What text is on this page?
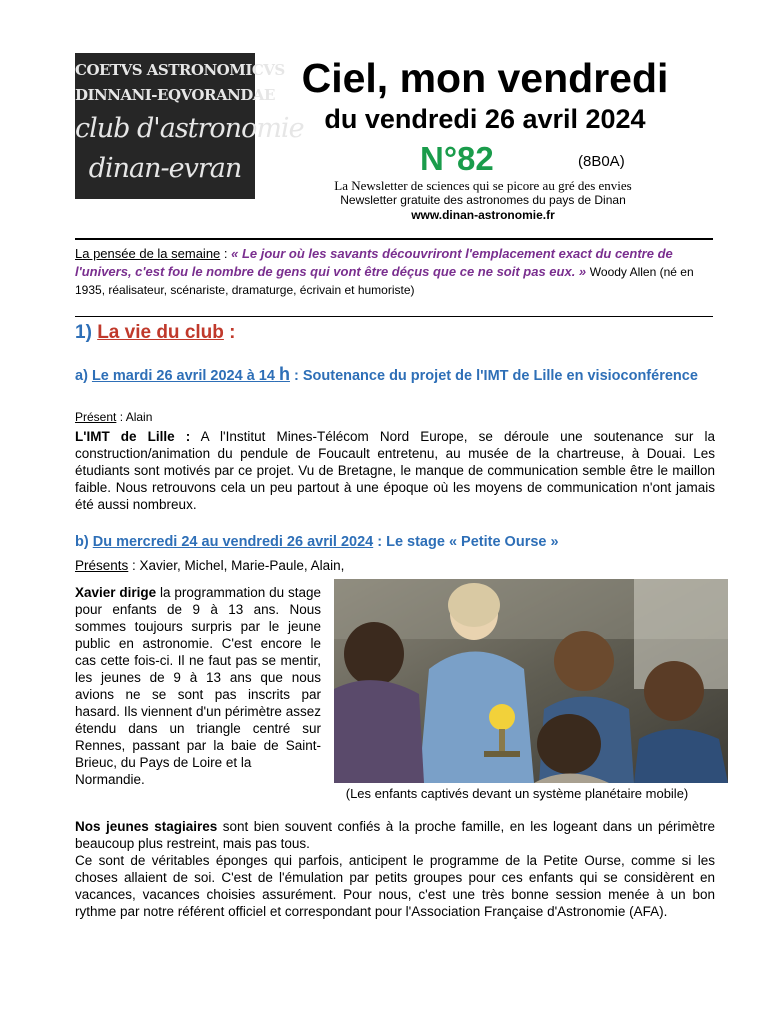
COETVS ASTRONOMICVS
DINNANI-EQVORANDAE
club d'astronomie
dinan-evran
Ciel, mon vendredi
du vendredi 26 avril 2024
N°82	(8B0A)
La Newsletter de sciences qui se picore au gré des envies
Newsletter gratuite des astronomes du pays de Dinan
www.dinan-astronomie.fr
La pensée de la semaine : « Le jour où les savants découvriront l'emplacement exact du centre de l'univers, c'est fou le nombre de gens qui vont être déçus que ce ne soit pas eux. » Woody Allen (né en 1935, réalisateur, scénariste, dramaturge, écrivain et humoriste)
1) La vie du club :
a) Le mardi 26 avril 2024 à 14 h : Soutenance du projet de l'IMT de Lille en visioconférence
Présent : Alain
L'IMT de Lille : A l'Institut Mines-Télécom Nord Europe, se déroule une soutenance sur la construction/animation du pendule de Foucault entretenu, au musée de la chartreuse, à Douai. Les étudiants sont motivés par ce projet. Vu de Bretagne, le manque de communication semble être le maillon faible. Nous retrouvons cela un peu partout à une époque où les moyens de communication n'ont jamais été aussi nombreux.
b) Du mercredi 24 au vendredi 26 avril 2024 : Le stage « Petite Ourse »
Présents : Xavier, Michel, Marie-Paule, Alain,
Xavier dirige la programmation du stage pour enfants de 9 à 13 ans. Nous sommes toujours surpris par le jeune public en astronomie. C'est encore le cas cette fois-ci. Il ne faut pas se mentir, les jeunes de 9 à 13 ans que nous avions ne se sont pas inscrits par hasard. Ils viennent d'un périmètre assez étendu dans un triangle centré sur Rennes, passant par la baie de Saint-Brieuc, du Pays de Loire et la
Normandie.
(Les enfants captivés devant un système planétaire mobile)
Nos jeunes stagiaires sont bien souvent confiés à la proche famille, en les logeant dans un périmètre beaucoup plus restreint, mais pas tous.
Ce sont de véritables éponges qui parfois, anticipent le programme de la Petite Ourse, comme si les choses allaient de soi. C'est de l'émulation par petits groupes pour ces enfants qui se considèrent en vacances, vacances choisies assurément. Pour nous, c'est une très bonne session menée à un bon rythme par notre référent officiel et correspondant pour l'Association Française d'Astronomie (AFA).
